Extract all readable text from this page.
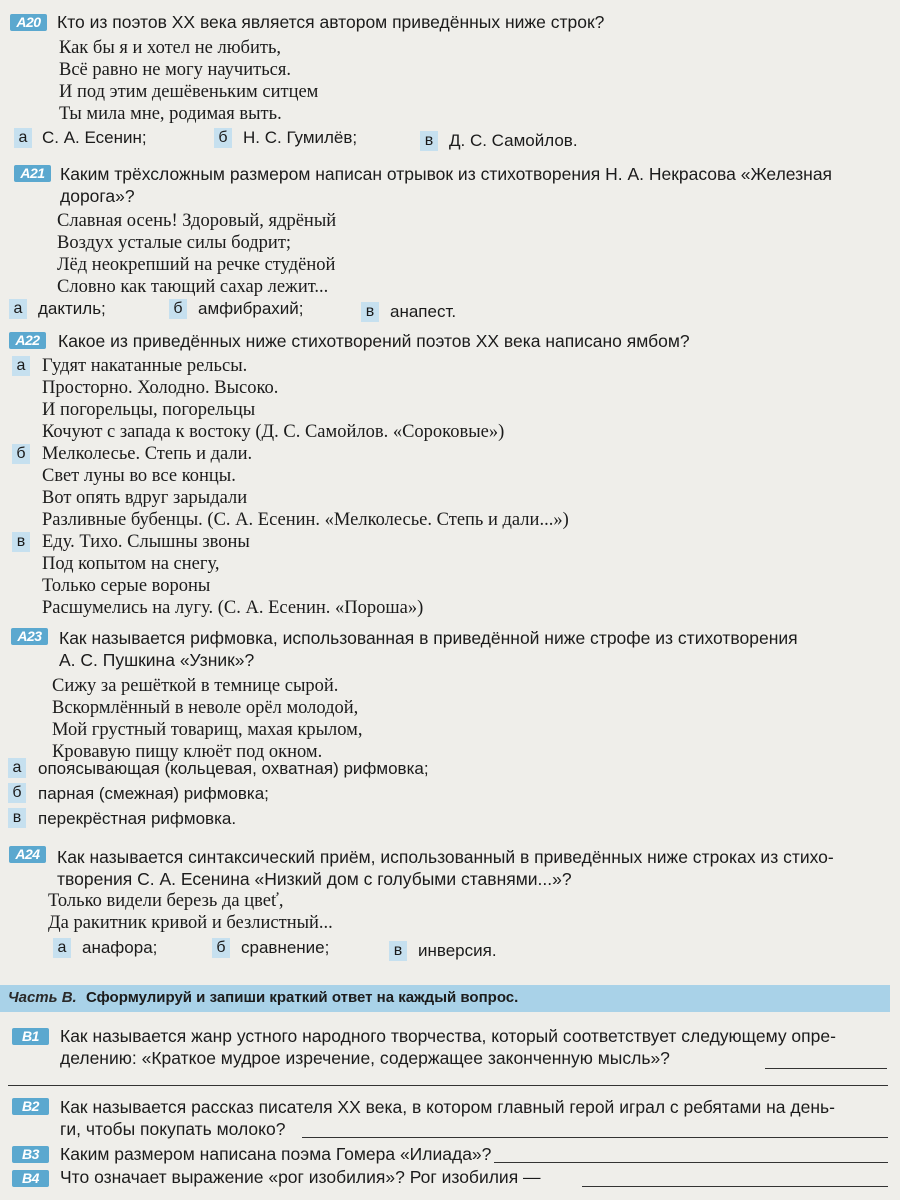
А20 Кто из поэтов XX века является автором приведённых ниже строк?
Как бы я и хотел не любить,
Всё равно не могу научиться.
И под этим дешёвеньким ситцем
Ты мила мне, родимая выть.
а С. А. Есенин;	б Н. С. Гумилёв;	в Д. С. Самойлов.
А21 Каким трёхсложным размером написан отрывок из стихотворения Н. А. Некрасова «Железная
дорога»?
Славная осень! Здоровый, ядрёный
Воздух усталые силы бодрит;
Лёд неокрепший на речке студёной
Словно как тающий сахар лежит...
а дактиль;	б амфибрахий;	в анапест.
А22	Какое из приведённых ниже стихотворений поэтов XX века написано ямбом?
а Гудят накатанные рельсы.
Просторно. Холодно. Высоко.
И погорельцы, погорельцы
Кочуют с запада к востоку (Д. С. Самойлов. «Сороковые»)
б Мелколесье. Степь и дали.
Свет луны во все концы.
Вот опять вдруг зарыдали
Разливные бубенцы. (С. А. Есенин. «Мелколесье. Степь и дали...»)
в Еду. Тихо. Слышны звоны
Под копытом на снегу,
Только серые вороны
Расшумелись на лугу. (С. А. Есенин. «Пороша»)
А23 Как называется рифмовка, использованная в приведённой ниже строфе из стихотворения
А. С. Пушкина «Узник»?
Сижу за решёткой в темнице сырой.
Вскормлённый в неволе орёл молодой,
Мой грустный товарищ, махая крылом,
Кровавую пищу клюёт под окном.
а опоясывающая (кольцевая, охватная) рифмовка;
б парная (смежная) рифмовка;
в перекрёстная рифмовка.
А24 Как называется синтаксический приём, использованный в приведённых ниже строках из стихо-
творения С. А. Есенина «Низкий дом с голубыми ставнями...»?
Только видели березь да цвеť,
Да ракитник кривой и безлистный...
а анафора;	б сравнение;	в инверсия.
Часть В. Сформулируй и запиши краткий ответ на каждый вопрос.
В1	Как называется жанр устного народного творчества, который соответствует следующему опре-
делению: «Краткое мудрое изречение, содержащее законченную мысль»?
В2	Как называется рассказ писателя XX века, в котором главный герой играл с ребятами на день-
ги, чтобы покупать молоко?
В3	Каким размером написана поэма Гомера «Илиада»?
В4	Что означает выражение «рог изобилия»? Рог изобилия —
